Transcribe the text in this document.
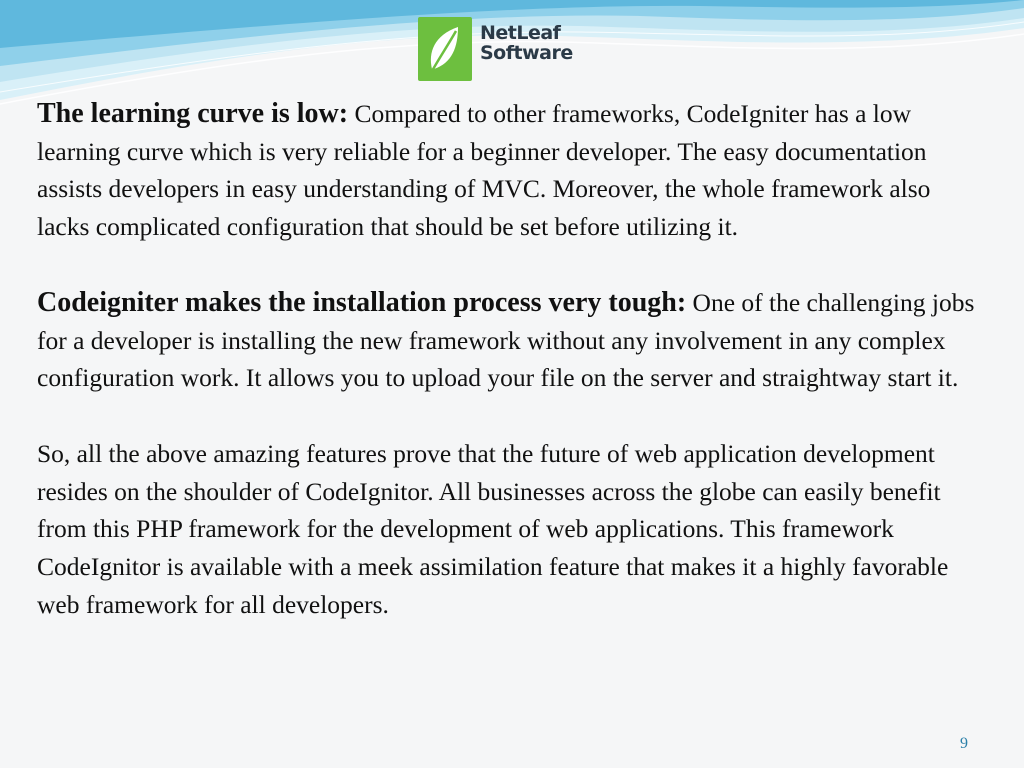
NetLeaf
Software

The learning curve is low: Compared to other frameworks, CodeIgniter has a low learning curve which is very reliable for a beginner developer. The easy documentation assists developers in easy understanding of MVC. Moreover, the whole framework also lacks complicated configuration that should be set before utilizing it.

Codeigniter makes the installation process very tough: One of the challenging jobs for a developer is installing the new framework without any involvement in any complex configuration work. It allows you to upload your file on the server and straightway start it.

So, all the above amazing features prove that the future of web application development resides on the shoulder of CodeIgnitor. All businesses across the globe can easily benefit from this PHP framework for the development of web applications. This framework CodeIgnitor is available with a meek assimilation feature that makes it a highly favorable web framework for all developers.

9
